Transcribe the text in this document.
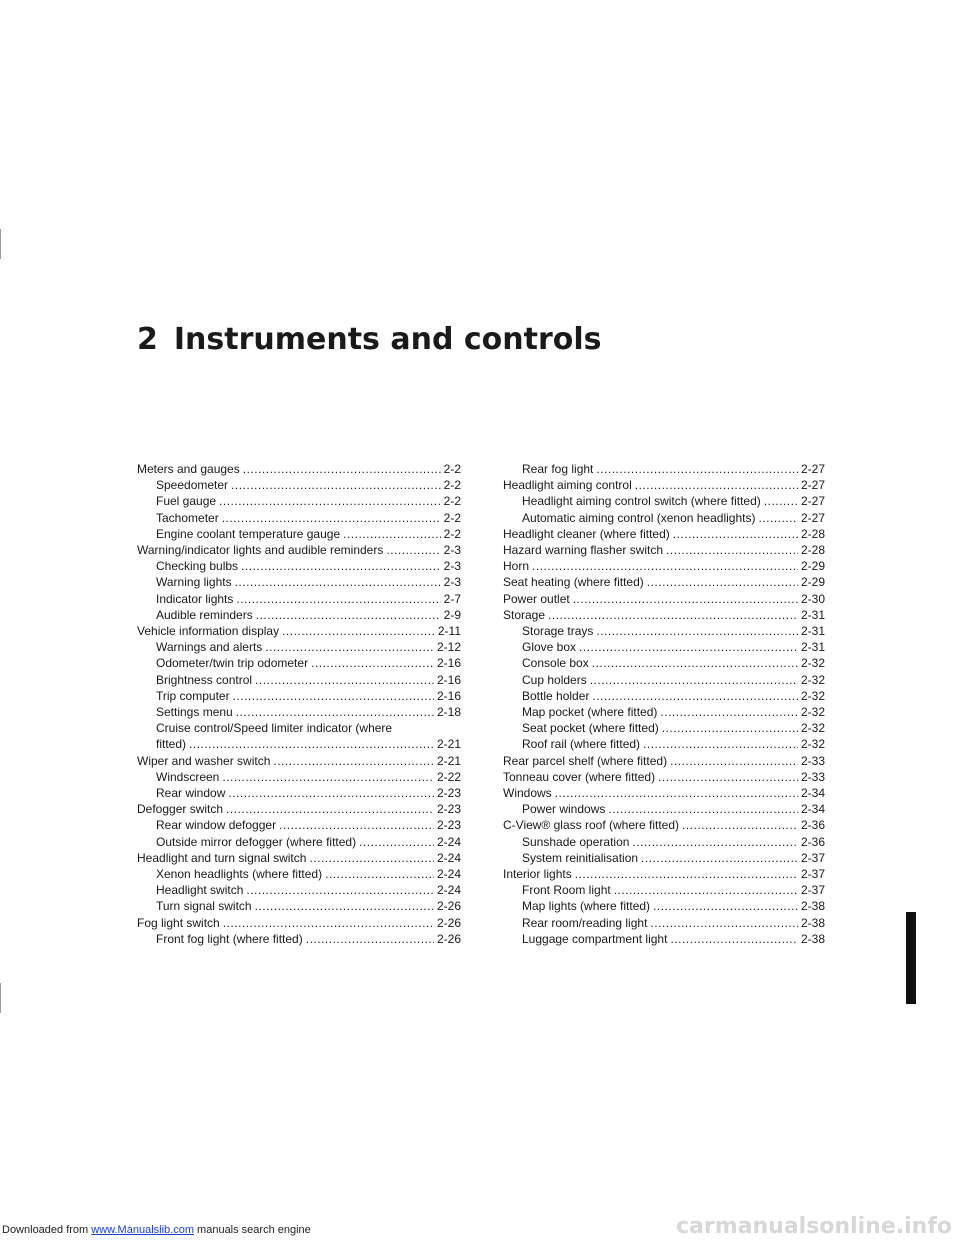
2 Instruments and controls
Meters and gauges .....	2-2
Speedometer .....	2-2
Fuel gauge .....	2-2
Tachometer .....	2-2
Engine coolant temperature gauge .....	2-2
Warning/indicator lights and audible reminders .....	2-3
Checking bulbs .....	2-3
Warning lights .....	2-3
Indicator lights .....	2-7
Audible reminders .....	2-9
Vehicle information display .....	2-11
Warnings and alerts .....	2-12
Odometer/twin trip odometer .....	2-16
Brightness control .....	2-16
Trip computer .....	2-16
Settings menu .....	2-18
Cruise control/Speed limiter indicator (where
fitted) .....	2-21
Wiper and washer switch .....	2-21
Windscreen .....	2-22
Rear window .....	2-23
Defogger switch .....	2-23
Rear window defogger .....	2-23
Outside mirror defogger (where fitted) .....	2-24
Headlight and turn signal switch .....	2-24
Xenon headlights (where fitted) .....	2-24
Headlight switch .....	2-24
Turn signal switch .....	2-26
Fog light switch .....	2-26
Front fog light (where fitted) .....	2-26
Rear fog light .....	2-27
Headlight aiming control .....	2-27
Headlight aiming control switch (where fitted) .....	2-27
Automatic aiming control (xenon headlights) .....	2-27
Headlight cleaner (where fitted) .....	2-28
Hazard warning flasher switch .....	2-28
Horn .....	2-29
Seat heating (where fitted) .....	2-29
Power outlet .....	2-30
Storage .....	2-31
Storage trays .....	2-31
Glove box .....	2-31
Console box .....	2-32
Cup holders .....	2-32
Bottle holder .....	2-32
Map pocket (where fitted) .....	2-32
Seat pocket (where fitted) .....	2-32
Roof rail (where fitted) .....	2-32
Rear parcel shelf (where fitted) .....	2-33
Tonneau cover (where fitted) .....	2-33
Windows .....	2-34
Power windows .....	2-34
C-View® glass roof (where fitted) .....	2-36
Sunshade operation .....	2-36
System reinitialisation .....	2-37
Interior lights .....	2-37
Front Room light .....	2-37
Map lights (where fitted) .....	2-38
Rear room/reading light .....	2-38
Luggage compartment light .....	2-38
Downloaded from www.Manualslib.com manuals search engine	carmanualsonline.info
